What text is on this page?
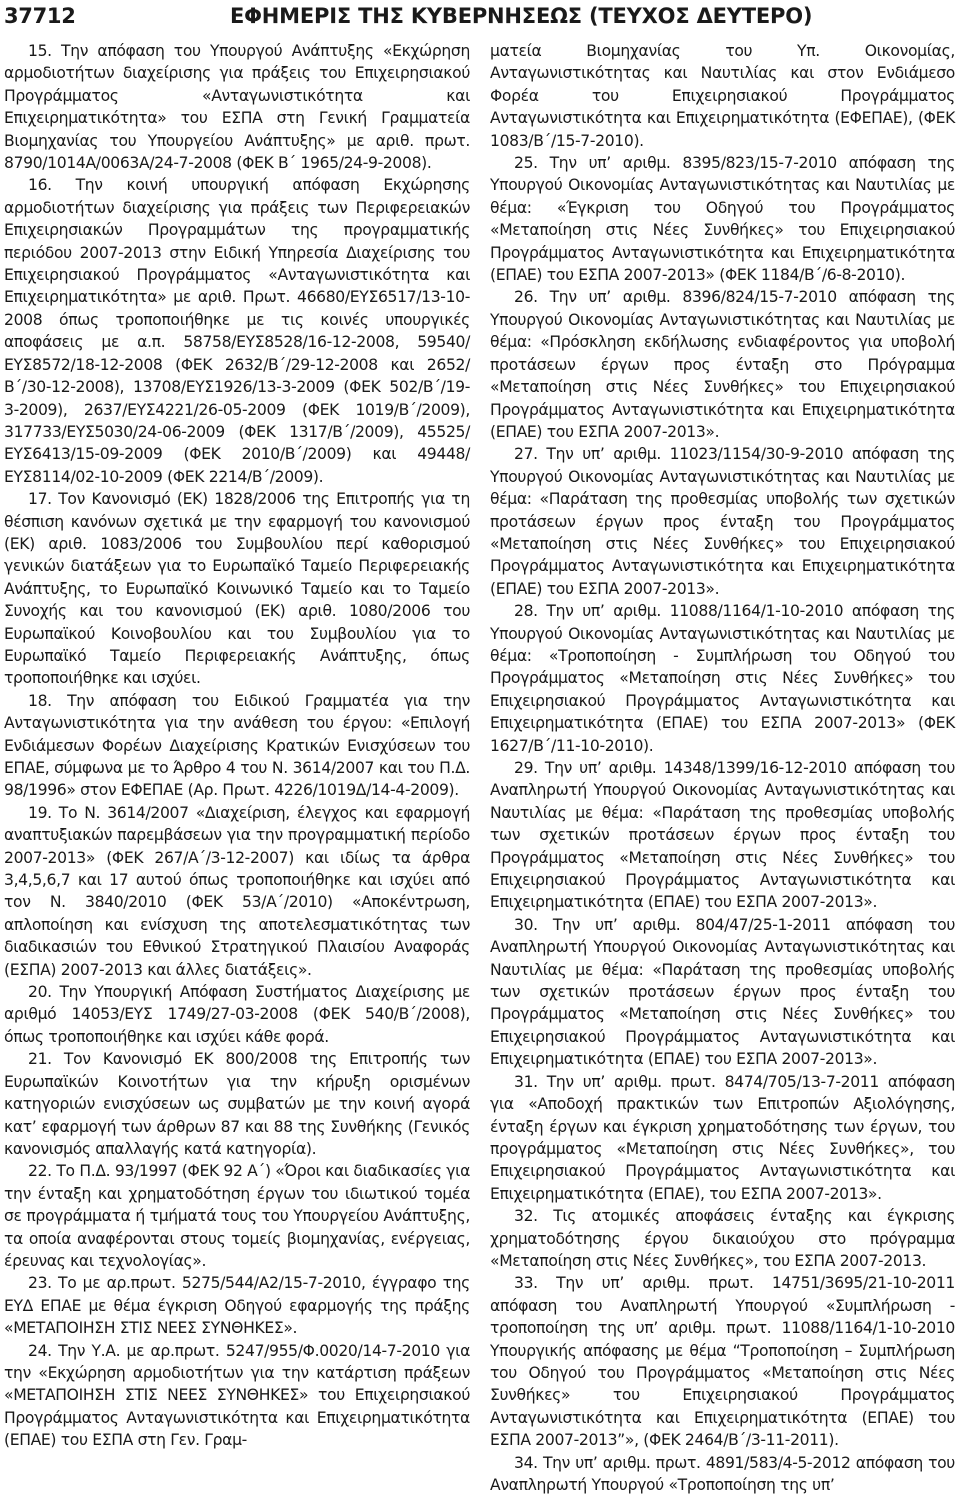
37712	ΕΦΗΜΕΡΙΣ ΤΗΣ ΚΥΒΕΡΝΗΣΕΩΣ (ΤΕΥΧΟΣ ΔΕΥΤΕΡΟ)

15. Την απόφαση του Υπουργού Ανάπτυξης «Εκχώρηση αρμοδιοτήτων διαχείρισης για πράξεις του Επιχειρησιακού Προγράμματος «Ανταγωνιστικότητα και Επιχειρηματικότητα» του ΕΣΠΑ στη Γενική Γραμματεία Βιομηχανίας του Υπουργείου Ανάπτυξης» με αριθ. πρωτ. 8790/1014Α/0063Α/24-7-2008 (ΦΕΚ Β΄ 1965/24-9-2008).

16. Την κοινή υπουργική απόφαση Εκχώρησης αρμοδιοτήτων διαχείρισης για πράξεις των Περιφερειακών Επιχειρησιακών Προγραμμάτων της προγραμματικής περιόδου 2007-2013 στην Ειδική Υπηρεσία Διαχείρισης του Επιχειρησιακού Προγράμματος «Ανταγωνιστικότητα και Επιχειρηματικότητα» με αριθ. Πρωτ. 46680/ΕΥΣ6517/13-10-2008 όπως τροποποιήθηκε με τις κοινές υπουργικές αποφάσεις με α.π. 58758/ΕΥΣ8528/16-12-2008, 59540/ΕΥΣ8572/18-12-2008 (ΦΕΚ 2632/Β΄/29-12-2008 και 2652/Β΄/30-12-2008), 13708/ΕΥΣ1926/13-3-2009 (ΦΕΚ 502/Β΄/19-3-2009), 2637/ΕΥΣ4221/26-05-2009 (ΦΕΚ 1019/Β΄/2009), 317733/ΕΥΣ5030/24-06-2009 (ΦΕΚ 1317/Β΄/2009), 45525/ΕΥΣ6413/15-09-2009 (ΦΕΚ 2010/Β΄/2009) και 49448/ΕΥΣ8114/02-10-2009 (ΦΕΚ 2214/Β΄/2009).

17. Τον Κανονισμό (ΕΚ) 1828/2006 της Επιτροπής για τη θέσπιση κανόνων σχετικά με την εφαρμογή του κανονισμού (ΕΚ) αριθ. 1083/2006 του Συμβουλίου περί καθορισμού γενικών διατάξεων για το Ευρωπαϊκό Ταμείο Περιφερειακής Ανάπτυξης, το Ευρωπαϊκό Κοινωνικό Ταμείο και το Ταμείο Συνοχής και του κανονισμού (ΕΚ) αριθ. 1080/2006 του Ευρωπαϊκού Κοινοβουλίου και του Συμβουλίου για το Ευρωπαϊκό Ταμείο Περιφερειακής Ανάπτυξης, όπως τροποποιήθηκε και ισχύει.

18. Την απόφαση του Ειδικού Γραμματέα για την Ανταγωνιστικότητα για την ανάθεση του έργου: «Επιλογή Ενδιάμεσων Φορέων Διαχείρισης Κρατικών Ενισχύσεων του ΕΠΑΕ, σύμφωνα με το Άρθρο 4 του Ν. 3614/2007 και του Π.Δ. 98/1996» στον ΕΦΕΠΑΕ (Αρ. Πρωτ. 4226/1019Δ/14-4-2009).

19. Το Ν. 3614/2007 «Διαχείριση, έλεγχος και εφαρμογή αναπτυξιακών παρεμβάσεων για την προγραμματική περίοδο 2007-2013» (ΦΕΚ 267/Α΄/3-12-2007) και ιδίως τα άρθρα 3,4,5,6,7 και 17 αυτού όπως τροποποιήθηκε και ισχύει από τον Ν. 3840/2010 (ΦΕΚ 53/Α΄/2010) «Αποκέντρωση, απλοποίηση και ενίσχυση της αποτελεσματικότητας των διαδικασιών του Εθνικού Στρατηγικού Πλαισίου Αναφοράς (ΕΣΠΑ) 2007-2013 και άλλες διατάξεις».

20. Την Υπουργική Απόφαση Συστήματος Διαχείρισης με αριθμό 14053/ΕΥΣ 1749/27-03-2008 (ΦΕΚ 540/Β΄/2008), όπως τροποποιήθηκε και ισχύει κάθε φορά.

21. Τον Κανονισμό ΕΚ 800/2008 της Επιτροπής των Ευρωπαϊκών Κοινοτήτων για την κήρυξη ορισμένων κατηγοριών ενισχύσεων ως συμβατών με την κοινή αγορά κατ’ εφαρμογή των άρθρων 87 και 88 της Συνθήκης (Γενικός κανονισμός απαλλαγής κατά κατηγορία).

22. Το Π.Δ. 93/1997 (ΦΕΚ 92 Α΄) «Όροι και διαδικασίες για την ένταξη και χρηματοδότηση έργων του ιδιωτικού τομέα σε προγράμματα ή τμήματά τους του Υπουργείου Ανάπτυξης, τα οποία αναφέρονται στους τομείς βιομηχανίας, ενέργειας, έρευνας και τεχνολογίας».

23. Το με αρ.πρωτ. 5275/544/Α2/15-7-2010, έγγραφο της ΕΥΔ ΕΠΑΕ με θέμα έγκριση Οδηγού εφαρμογής της πράξης «ΜΕΤΑΠΟΙΗΣΗ ΣΤΙΣ ΝΕΕΣ ΣΥΝΘΗΚΕΣ».

24. Την Υ.Α. με αρ.πρωτ. 5247/955/Φ.0020/14-7-2010 για την «Εκχώρηση αρμοδιοτήτων για την κατάρτιση πράξεων «ΜΕΤΑΠΟΙΗΣΗ ΣΤΙΣ ΝΕΕΣ ΣΥΝΘΗΚΕΣ» του Επιχειρησιακού Προγράμματος Ανταγωνιστικότητα και Επιχειρηματικότητα (ΕΠΑΕ) του ΕΣΠΑ στη Γεν. Γραμ-

ματεία Βιομηχανίας του Υπ. Οικονομίας, Ανταγωνιστικότητας και Ναυτιλίας και στον Ενδιάμεσο Φορέα του Επιχειρησιακού Προγράμματος Ανταγωνιστικότητα και Επιχειρηματικότητα (ΕΦΕΠΑΕ), (ΦΕΚ 1083/Β΄/15-7-2010).

25. Την υπ’ αριθμ. 8395/823/15-7-2010 απόφαση της Υπουργού Οικονομίας Ανταγωνιστικότητας και Ναυτιλίας με θέμα: «Έγκριση του Οδηγού του Προγράμματος «Μεταποίηση στις Νέες Συνθήκες» του Επιχειρησιακού Προγράμματος Ανταγωνιστικότητα και Επιχειρηματικότητα (ΕΠΑΕ) του ΕΣΠΑ 2007-2013» (ΦΕΚ 1184/Β΄/6-8-2010).

26. Την υπ’ αριθμ. 8396/824/15-7-2010 απόφαση της Υπουργού Οικονομίας Ανταγωνιστικότητας και Ναυτιλίας με θέμα: «Πρόσκληση εκδήλωσης ενδιαφέροντος για υποβολή προτάσεων έργων προς ένταξη στο Πρόγραμμα «Μεταποίηση στις Νέες Συνθήκες» του Επιχειρησιακού Προγράμματος Ανταγωνιστικότητα και Επιχειρηματικότητα (ΕΠΑΕ) του ΕΣΠΑ 2007-2013».

27. Την υπ’ αριθμ. 11023/1154/30-9-2010 απόφαση της Υπουργού Οικονομίας Ανταγωνιστικότητας και Ναυτιλίας με θέμα: «Παράταση της προθεσμίας υποβολής των σχετικών προτάσεων έργων προς ένταξη του Προγράμματος «Μεταποίηση στις Νέες Συνθήκες» του Επιχειρησιακού Προγράμματος Ανταγωνιστικότητα και Επιχειρηματικότητα (ΕΠΑΕ) του ΕΣΠΑ 2007-2013».

28. Την υπ’ αριθμ. 11088/1164/1-10-2010 απόφαση της Υπουργού Οικονομίας Ανταγωνιστικότητας και Ναυτιλίας με θέμα: «Τροποποίηση - Συμπλήρωση του Οδηγού του Προγράμματος «Μεταποίηση στις Νέες Συνθήκες» του Επιχειρησιακού Προγράμματος Ανταγωνιστικότητα και Επιχειρηματικότητα (ΕΠΑΕ) του ΕΣΠΑ 2007-2013» (ΦΕΚ 1627/Β΄/11-10-2010).

29. Την υπ’ αριθμ. 14348/1399/16-12-2010 απόφαση του Αναπληρωτή Υπουργού Οικονομίας Ανταγωνιστικότητας και Ναυτιλίας με θέμα: «Παράταση της προθεσμίας υποβολής των σχετικών προτάσεων έργων προς ένταξη του Προγράμματος «Μεταποίηση στις Νέες Συνθήκες» του Επιχειρησιακού Προγράμματος Ανταγωνιστικότητα και Επιχειρηματικότητα (ΕΠΑΕ) του ΕΣΠΑ 2007-2013».

30. Την υπ’ αριθμ. 804/47/25-1-2011 απόφαση του Αναπληρωτή Υπουργού Οικονομίας Ανταγωνιστικότητας και Ναυτιλίας με θέμα: «Παράταση της προθεσμίας υποβολής των σχετικών προτάσεων έργων προς ένταξη του Προγράμματος «Μεταποίηση στις Νέες Συνθήκες» του Επιχειρησιακού Προγράμματος Ανταγωνιστικότητα και Επιχειρηματικότητα (ΕΠΑΕ) του ΕΣΠΑ 2007-2013».

31. Την υπ’ αριθμ. πρωτ. 8474/705/13-7-2011 απόφαση για «Αποδοχή πρακτικών των Επιτροπών Αξιολόγησης, ένταξη έργων και έγκριση χρηματοδότησης των έργων, του προγράμματος «Μεταποίηση στις Νέες Συνθήκες», του Επιχειρησιακού Προγράμματος Ανταγωνιστικότητα και Επιχειρηματικότητα (ΕΠΑΕ), του ΕΣΠΑ 2007-2013».

32. Τις ατομικές αποφάσεις ένταξης και έγκρισης χρηματοδότησης έργου δικαιούχου στο πρόγραμμα «Μεταποίηση στις Νέες Συνθήκες», του ΕΣΠΑ 2007-2013.

33. Την υπ’ αριθμ. πρωτ. 14751/3695/21-10-2011 απόφαση του Αναπληρωτή Υπουργού «Συμπλήρωση - τροποποίηση της υπ’ αριθμ. πρωτ. 11088/1164/1-10-2010 Υπουργικής απόφασης με θέμα “Τροποποίηση – Συμπλήρωση του Οδηγού του Προγράμματος «Μεταποίηση στις Νέες Συνθήκες» του Επιχειρησιακού Προγράμματος Ανταγωνιστικότητα και Επιχειρηματικότητα (ΕΠΑΕ) του ΕΣΠΑ 2007-2013”», (ΦΕΚ 2464/Β΄/3-11-2011).

34. Την υπ’ αριθμ. πρωτ. 4891/583/4-5-2012 απόφαση του Αναπληρωτή Υπουργού «Τροποποίηση της υπ’
